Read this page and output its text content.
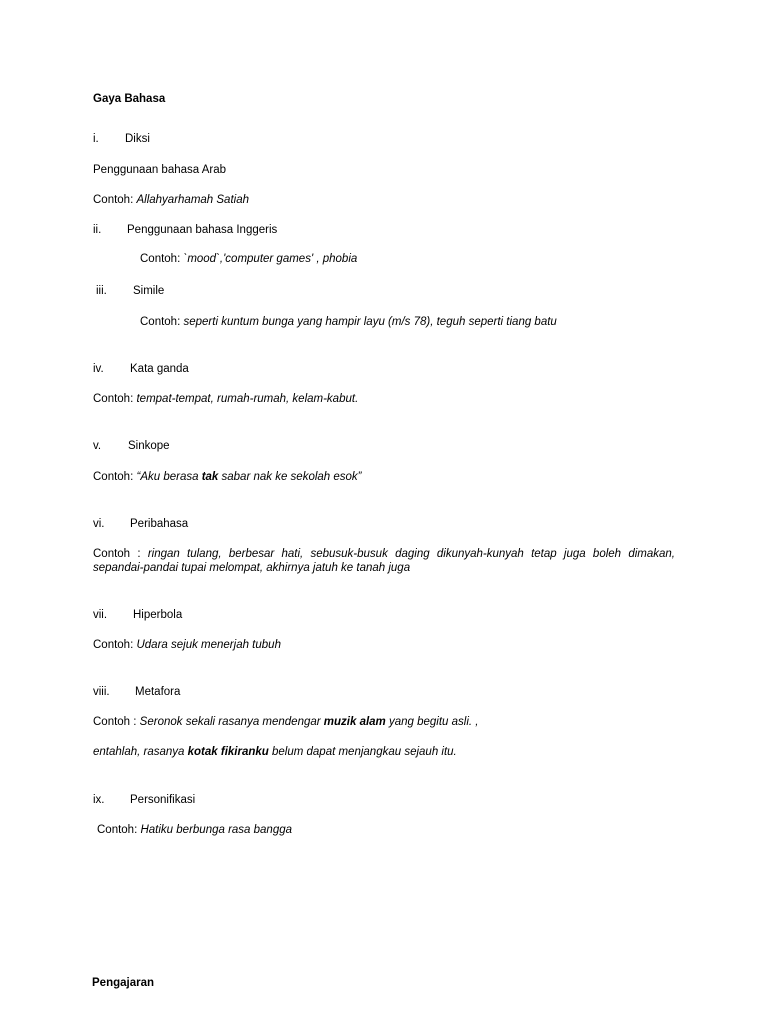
Gaya Bahasa
i. Diksi
Penggunaan bahasa Arab
Contoh: Allahyarhamah Satiah
ii. Penggunaan bahasa Inggeris
Contoh: `mood`,'computer games' , phobia
iii. Simile
Contoh: seperti kuntum bunga yang hampir layu (m/s 78), teguh seperti tiang batu
iv. Kata ganda
Contoh: tempat-tempat, rumah-rumah, kelam-kabut.
v. Sinkope
Contoh: “Aku berasa tak sabar nak ke sekolah esok”
vi. Peribahasa
Contoh : ringan tulang, berbesar hati, sebusuk-busuk daging dikunyah-kunyah tetap juga boleh dimakan, sepandai-pandai tupai melompat, akhirnya jatuh ke tanah juga
vii. Hiperbola
Contoh: Udara sejuk menerjah tubuh
viii. Metafora
Contoh : Seronok sekali rasanya mendengar muzik alam yang begitu asli. ,
entahlah, rasanya kotak fikiranku belum dapat menjangkau sejauh itu.
ix. Personifikasi
Contoh: Hatiku berbunga rasa bangga
Pengajaran
